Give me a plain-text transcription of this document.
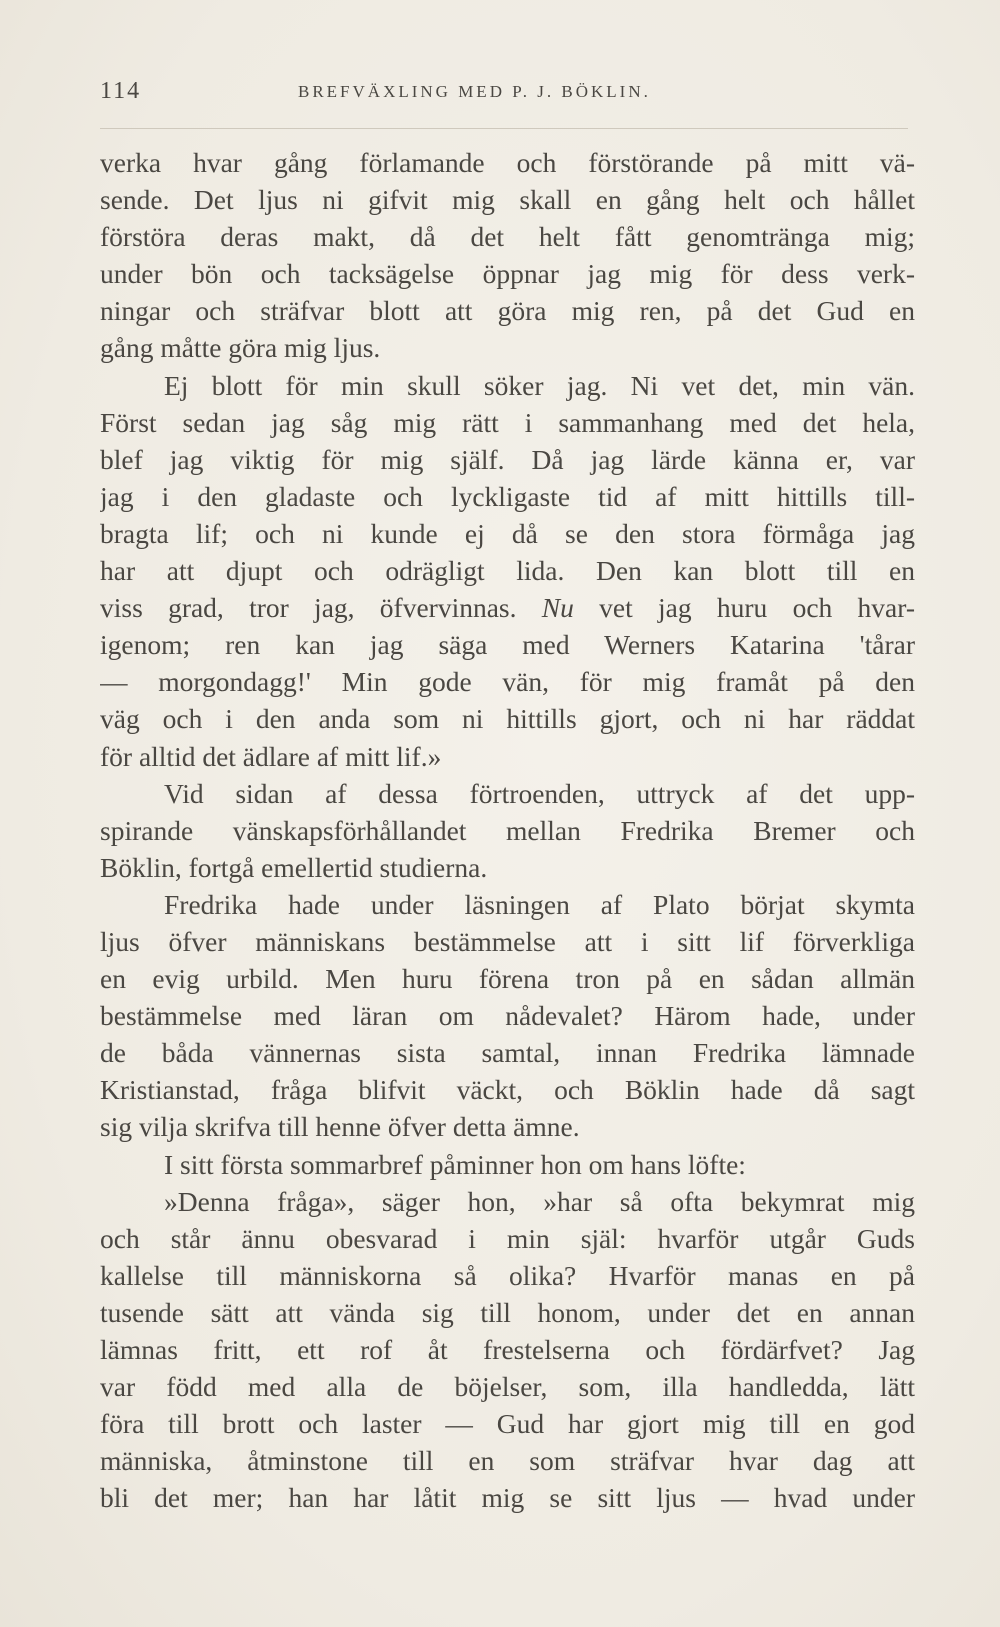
114	BREFVÄXLING MED P. J. BÖKLIN.
verka hvar gång förlamande och förstörande på mitt vä-
sende. Det ljus ni gifvit mig skall en gång helt och hållet
förstöra deras makt, då det helt fått genomtränga mig;
under bön och tacksägelse öppnar jag mig för dess verk-
ningar och sträfvar blott att göra mig ren, på det Gud en
gång måtte göra mig ljus.
Ej blott för min skull söker jag. Ni vet det, min vän.
Först sedan jag såg mig rätt i sammanhang med det hela,
blef jag viktig för mig själf. Då jag lärde känna er, var
jag i den gladaste och lyckligaste tid af mitt hittills till-
bragta lif; och ni kunde ej då se den stora förmåga jag
har att djupt och odrägligt lida. Den kan blott till en
viss grad, tror jag, öfvervinnas. Nu vet jag huru och hvar-
igenom; ren kan jag säga med Werners Katarina 'tårar
— morgondagg!' Min gode vän, för mig framåt på den
väg och i den anda som ni hittills gjort, och ni har räddat
för alltid det ädlare af mitt lif.»
Vid sidan af dessa förtroenden, uttryck af det upp-
spirande vänskapsförhållandet mellan Fredrika Bremer och
Böklin, fortgå emellertid studierna.
Fredrika hade under läsningen af Plato börjat skymta
ljus öfver människans bestämmelse att i sitt lif förverkliga
en evig urbild. Men huru förena tron på en sådan allmän
bestämmelse med läran om nådevalet? Härom hade, under
de båda vännernas sista samtal, innan Fredrika lämnade
Kristianstad, fråga blifvit väckt, och Böklin hade då sagt
sig vilja skrifva till henne öfver detta ämne.
I sitt första sommarbref påminner hon om hans löfte:
»Denna fråga», säger hon, »har så ofta bekymrat mig
och står ännu obesvarad i min själ: hvarför utgår Guds
kallelse till människorna så olika? Hvarför manas en på
tusende sätt att vända sig till honom, under det en annan
lämnas fritt, ett rof åt frestelserna och fördärfvet? Jag
var född med alla de böjelser, som, illa handledda, lätt
föra till brott och laster — Gud har gjort mig till en god
människa, åtminstone till en som sträfvar hvar dag att
bli det mer; han har låtit mig se sitt ljus — hvad under
